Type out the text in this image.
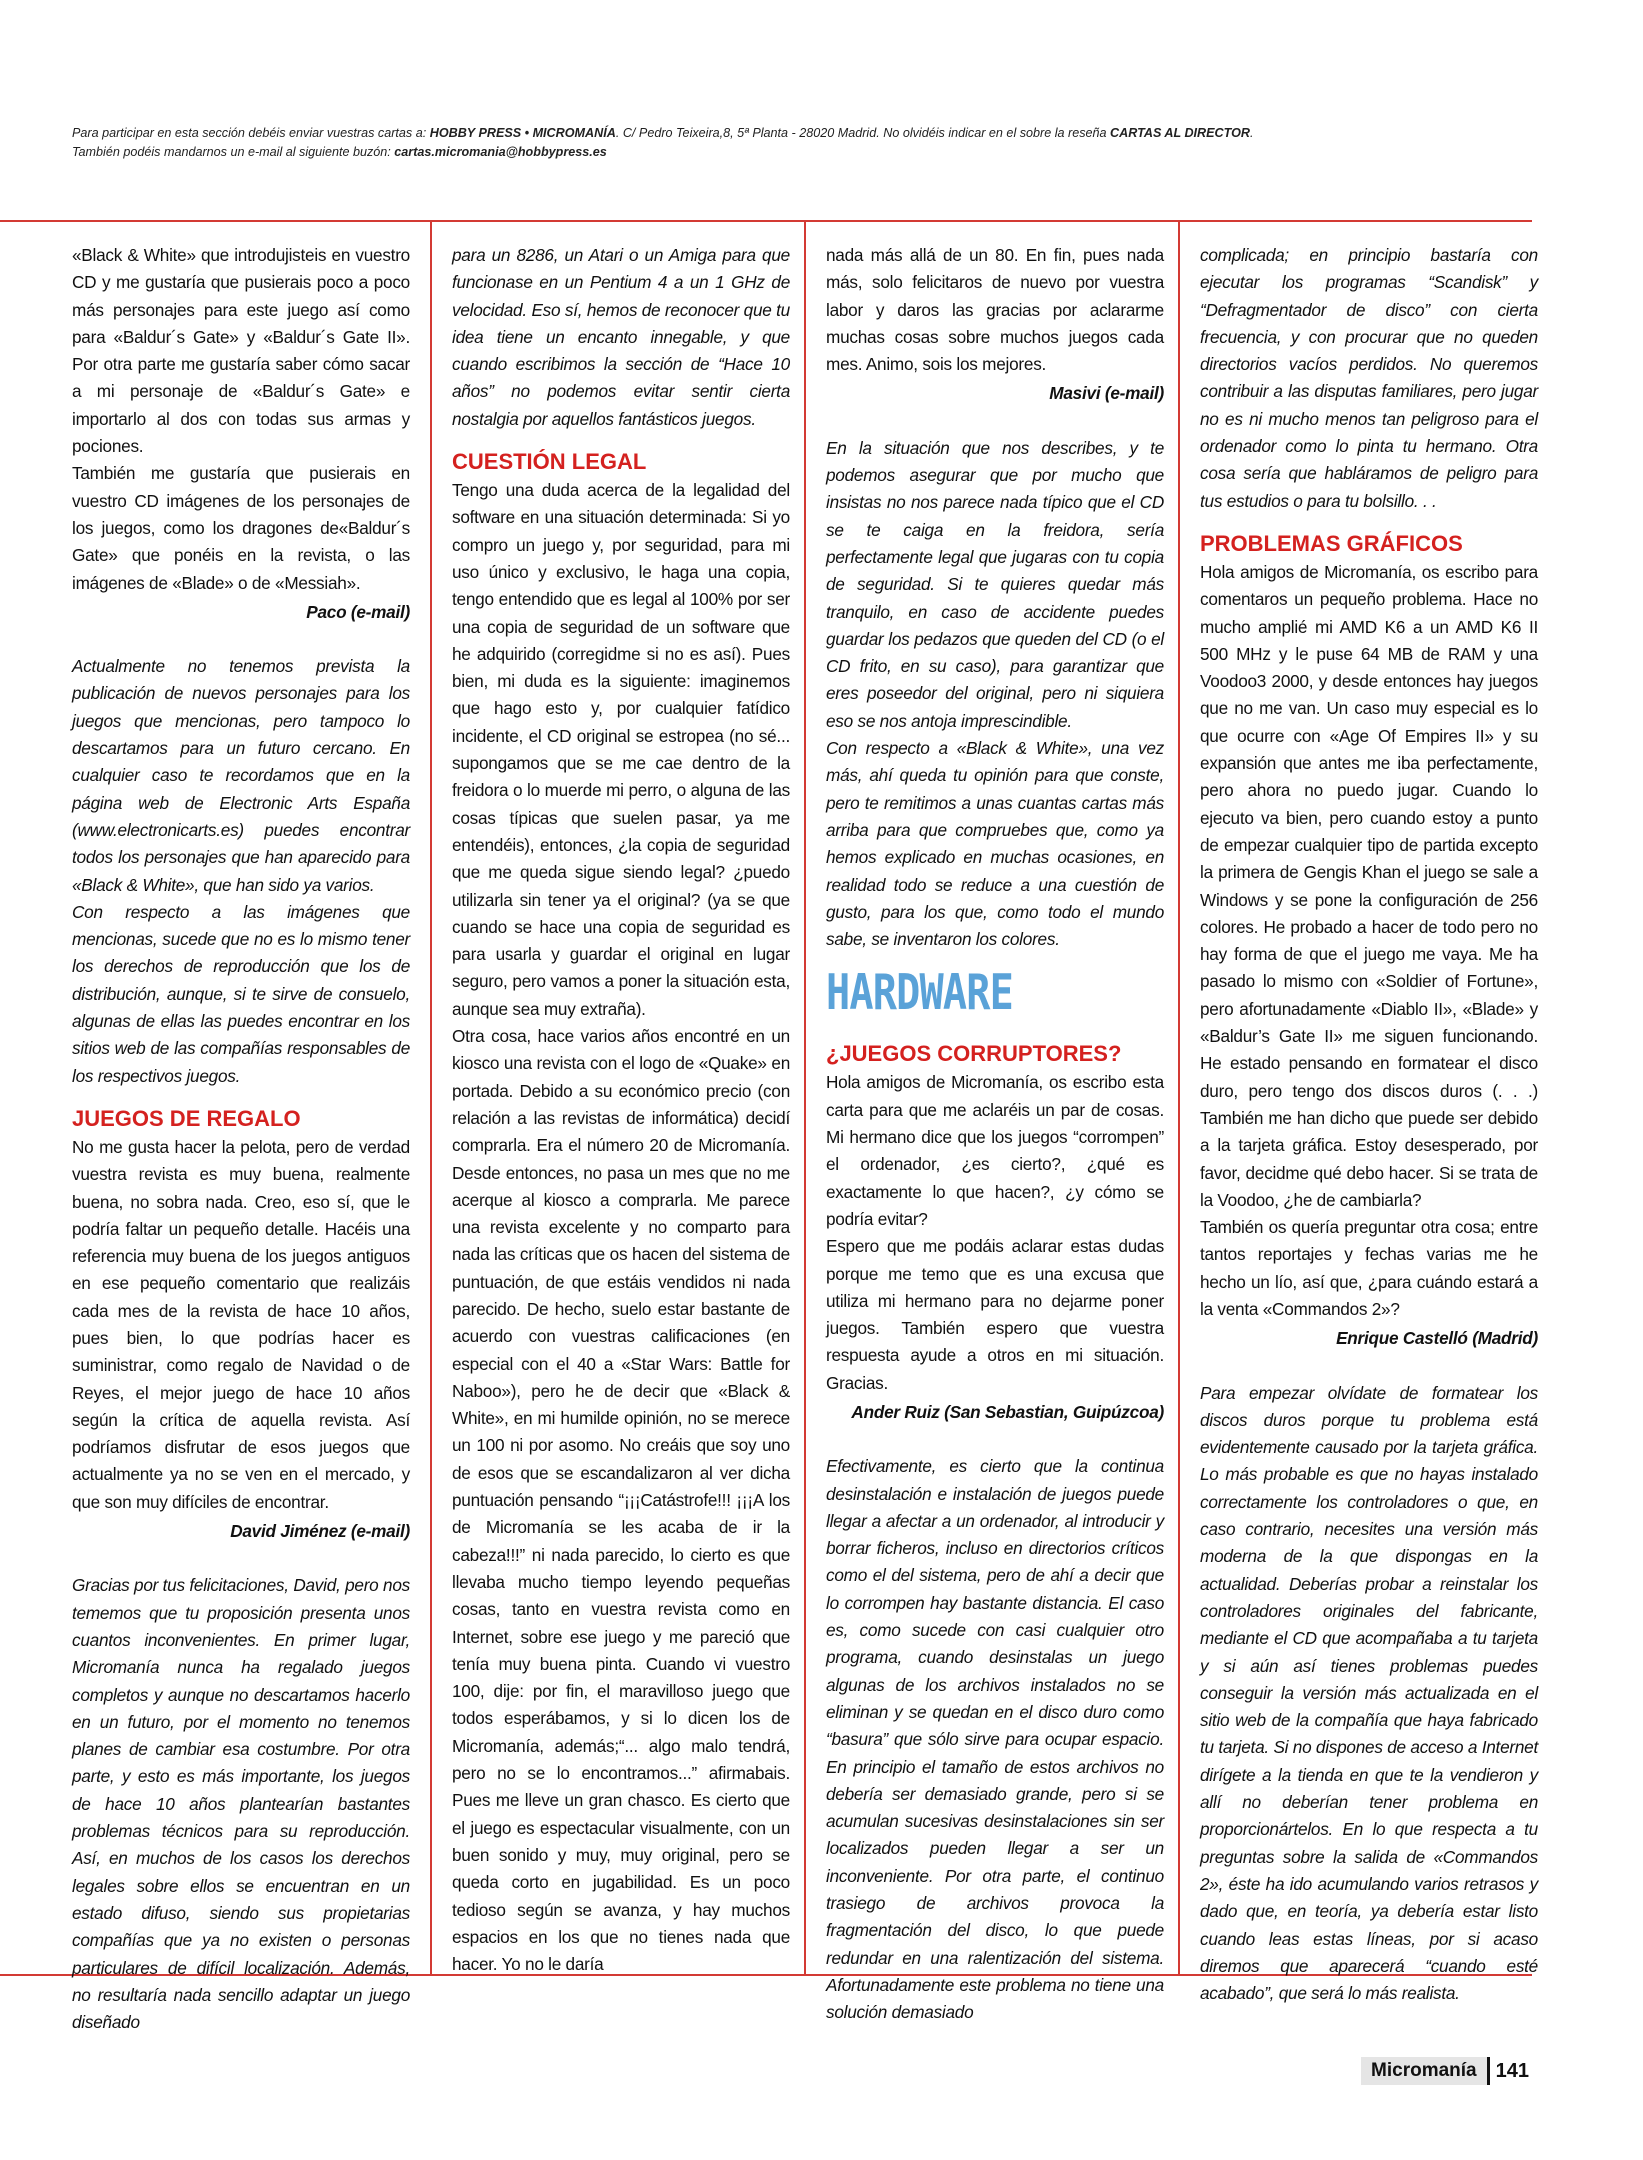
Para participar en esta sección debéis enviar vuestras cartas a: HOBBY PRESS • MICROMANÍA. C/ Pedro Teixeira,8, 5ª Planta - 28020 Madrid. No olvidéis indicar en el sobre la reseña CARTAS AL DIRECTOR.
También podéis mandarnos un e-mail al siguiente buzón: cartas.micromania@hobbypress.es

«Black & White» que introdujisteis en vuestro CD y me gustaría que pusierais poco a poco más personajes para este juego así como para «Baldur´s Gate» y «Baldur´s Gate II». Por otra parte me gustaría saber cómo sacar a mi personaje de «Baldur´s Gate» e importarlo al dos con todas sus armas y pociones.

También me gustaría que pusierais en vuestro CD imágenes de los personajes de los juegos, como los dragones de«Baldur´s Gate» que ponéis en la revista, o las imágenes de «Blade» o de «Messiah».

Paco (e-mail)

Actualmente no tenemos prevista la publicación de nuevos personajes para los juegos que mencionas, pero tampoco lo descartamos para un futuro cercano. En cualquier caso te recordamos que en la página web de Electronic Arts España (www.electronicarts.es) puedes encontrar todos los personajes que han aparecido para «Black & White», que han sido ya varios.

Con respecto a las imágenes que mencionas, sucede que no es lo mismo tener los derechos de reproducción que los de distribución, aunque, si te sirve de consuelo, algunas de ellas las puedes encontrar en los sitios web de las compañías responsables de los respectivos juegos.

JUEGOS DE REGALO

No me gusta hacer la pelota, pero de verdad vuestra revista es muy buena, realmente buena, no sobra nada. Creo, eso sí, que le podría faltar un pequeño detalle. Hacéis una referencia muy buena de los juegos antiguos en ese pequeño comentario que realizáis cada mes de la revista de hace 10 años, pues bien, lo que podrías hacer es suministrar, como regalo de Navidad o de Reyes, el mejor juego de hace 10 años según la crítica de aquella revista. Así podríamos disfrutar de esos juegos que actualmente ya no se ven en el mercado, y que son muy difíciles de encontrar.

David Jiménez (e-mail)

Gracias por tus felicitaciones, David, pero nos tememos que tu proposición presenta unos cuantos inconvenientes. En primer lugar, Micromanía nunca ha regalado juegos completos y aunque no descartamos hacerlo en un futuro, por el momento no tenemos planes de cambiar esa costumbre. Por otra parte, y esto es más importante, los juegos de hace 10 años plantearían bastantes problemas técnicos para su reproducción. Así, en muchos de los casos los derechos legales sobre ellos se encuentran en un estado difuso, siendo sus propietarias compañías que ya no existen o personas particulares de difícil localización. Además, no resultaría nada sencillo adaptar un juego diseñado

para un 8286, un Atari o un Amiga para que funcionase en un Pentium 4 a un 1 GHz de velocidad. Eso sí, hemos de reconocer que tu idea tiene un encanto innegable, y que cuando escribimos la sección de “Hace 10 años” no podemos evitar sentir cierta nostalgia por aquellos fantásticos juegos.

CUESTIÓN LEGAL

Tengo una duda acerca de la legalidad del software en una situación determinada: Si yo compro un juego y, por seguridad, para mi uso único y exclusivo, le haga una copia, tengo entendido que es legal al 100% por ser una copia de seguridad de un software que he adquirido (corregidme si no es así). Pues bien, mi duda es la siguiente: imaginemos que hago esto y, por cualquier fatídico incidente, el CD original se estropea (no sé... supongamos que se me cae dentro de la freidora o lo muerde mi perro, o alguna de las cosas típicas que suelen pasar, ya me entendéis), entonces, ¿la copia de seguridad que me queda sigue siendo legal? ¿puedo utilizarla sin tener ya el original? (ya se que cuando se hace una copia de seguridad es para usarla y guardar el original en lugar seguro, pero vamos a poner la situación esta, aunque sea muy extraña).

Otra cosa, hace varios años encontré en un kiosco una revista con el logo de «Quake» en portada. Debido a su económico precio (con relación a las revistas de informática) decidí comprarla. Era el número 20 de Micromanía. Desde entonces, no pasa un mes que no me acerque al kiosco a comprarla. Me parece una revista excelente y no comparto para nada las críticas que os hacen del sistema de puntuación, de que estáis vendidos ni nada parecido. De hecho, suelo estar bastante de acuerdo con vuestras calificaciones (en especial con el 40 a «Star Wars: Battle for Naboo»), pero he de decir que «Black & White», en mi humilde opinión, no se merece un 100 ni por asomo. No creáis que soy uno de esos que se escandalizaron al ver dicha puntuación pensando “¡¡¡Catástrofe!!! ¡¡¡A los de Micromanía se les acaba de ir la cabeza!!!” ni nada parecido, lo cierto es que llevaba mucho tiempo leyendo pequeñas cosas, tanto en vuestra revista como en Internet, sobre ese juego y me pareció que tenía muy buena pinta. Cuando vi vuestro 100, dije: por fin, el maravilloso juego que todos esperábamos, y si lo dicen los de Micromanía, además;“... algo malo tendrá, pero no se lo encontramos...” afirmabais. Pues me lleve un gran chasco. Es cierto que el juego es espectacular visualmente, con un buen sonido y muy, muy original, pero se queda corto en jugabilidad. Es un poco tedioso según se avanza, y hay muchos espacios en los que no tienes nada que hacer. Yo no le daría

nada más allá de un 80. En fin, pues nada más, solo felicitaros de nuevo por vuestra labor y daros las gracias por aclararme muchas cosas sobre muchos juegos cada mes. Animo, sois los mejores.

Masivi (e-mail)

En la situación que nos describes, y te podemos asegurar que por mucho que insistas no nos parece nada típico que el CD se te caiga en la freidora, sería perfectamente legal que jugaras con tu copia de seguridad. Si te quieres quedar más tranquilo, en caso de accidente puedes guardar los pedazos que queden del CD (o el CD frito, en su caso), para garantizar que eres poseedor del original, pero ni siquiera eso se nos antoja imprescindible.

Con respecto a «Black & White», una vez más, ahí queda tu opinión para que conste, pero te remitimos a unas cuantas cartas más arriba para que compruebes que, como ya hemos explicado en muchas ocasiones, en realidad todo se reduce a una cuestión de gusto, para los que, como todo el mundo sabe, se inventaron los colores.

HARDWARE
¿JUEGOS CORRUPTORES?

Hola amigos de Micromanía, os escribo esta carta para que me aclaréis un par de cosas. Mi hermano dice que los juegos “corrompen” el ordenador, ¿es cierto?, ¿qué es exactamente lo que hacen?, ¿y cómo se podría evitar?

Espero que me podáis aclarar estas dudas porque me temo que es una excusa que utiliza mi hermano para no dejarme poner juegos. También espero que vuestra respuesta ayude a otros en mi situación. Gracias.

Ander Ruiz (San Sebastian, Guipúzcoa)

Efectivamente, es cierto que la continua desinstalación e instalación de juegos puede llegar a afectar a un ordenador, al introducir y borrar ficheros, incluso en directorios críticos como el del sistema, pero de ahí a decir que lo corrompen hay bastante distancia. El caso es, como sucede con casi cualquier otro programa, cuando desinstalas un juego algunas de los archivos instalados no se eliminan y se quedan en el disco duro como “basura” que sólo sirve para ocupar espacio. En principio el tamaño de estos archivos no debería ser demasiado grande, pero si se acumulan sucesivas desinstalaciones sin ser localizados pueden llegar a ser un inconveniente. Por otra parte, el continuo trasiego de archivos provoca la fragmentación del disco, lo que puede redundar en una ralentización del sistema. Afortunadamente este problema no tiene una solución demasiado

complicada; en principio bastaría con ejecutar los programas “Scandisk” y “Defragmentador de disco” con cierta frecuencia, y con procurar que no queden directorios vacíos perdidos. No queremos contribuir a las disputas familiares, pero jugar no es ni mucho menos tan peligroso para el ordenador como lo pinta tu hermano. Otra cosa sería que habláramos de peligro para tus estudios o para tu bolsillo. . .

PROBLEMAS GRÁFICOS

Hola amigos de Micromanía, os escribo para comentaros un pequeño problema. Hace no mucho amplié mi AMD K6 a un AMD K6 II 500 MHz y le puse 64 MB de RAM y una Voodoo3 2000, y desde entonces hay juegos que no me van. Un caso muy especial es lo que ocurre con «Age Of Empires II» y su expansión que antes me iba perfectamente, pero ahora no puedo jugar. Cuando lo ejecuto va bien, pero cuando estoy a punto de empezar cualquier tipo de partida excepto la primera de Gengis Khan el juego se sale a Windows y se pone la configuración de 256 colores. He probado a hacer de todo pero no hay forma de que el juego me vaya. Me ha pasado lo mismo con «Soldier of Fortune», pero afortunadamente «Diablo II», «Blade» y «Baldur’s Gate II» me siguen funcionando. He estado pensando en formatear el disco duro, pero tengo dos discos duros (. . .) También me han dicho que puede ser debido a la tarjeta gráfica. Estoy desesperado, por favor, decidme qué debo hacer. Si se trata de la Voodoo, ¿he de cambiarla?

También os quería preguntar otra cosa; entre tantos reportajes y fechas varias me he hecho un lío, así que, ¿para cuándo estará a la venta «Commandos 2»?

Enrique Castelló (Madrid)

Para empezar olvídate de formatear los discos duros porque tu problema está evidentemente causado por la tarjeta gráfica. Lo más probable es que no hayas instalado correctamente los controladores o que, en caso contrario, necesites una versión más moderna de la que dispongas en la actualidad. Deberías probar a reinstalar los controladores originales del fabricante, mediante el CD que acompañaba a tu tarjeta y si aún así tienes problemas puedes conseguir la versión más actualizada en el sitio web de la compañía que haya fabricado tu tarjeta. Si no dispones de acceso a Internet dirígete a la tienda en que te la vendieron y allí no deberían tener problema en proporcionártelos. En lo que respecta a tu preguntas sobre la salida de «Commandos 2», éste ha ido acumulando varios retrasos y dado que, en teoría, ya debería estar listo cuando leas estas líneas, por si acaso diremos que aparecerá “cuando esté acabado”, que será lo más realista.

Micromanía 141
